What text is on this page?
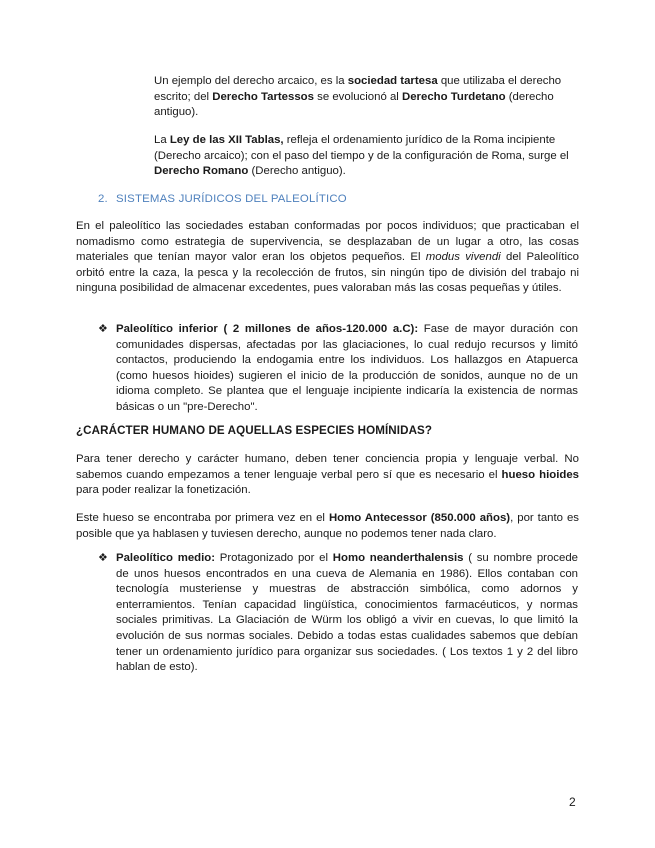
Un ejemplo del derecho arcaico, es la sociedad tartesa que utilizaba el derecho escrito; del Derecho Tartessos se evolucionó al Derecho Turdetano (derecho antiguo).

La Ley de las XII Tablas, refleja el ordenamiento jurídico de la Roma incipiente (Derecho arcaico); con el paso del tiempo y de la configuración de Roma, surge el Derecho Romano (Derecho antiguo).

2. SISTEMAS JURÍDICOS DEL PALEOLÍTICO

En el paleolítico las sociedades estaban conformadas por pocos individuos; que practicaban el nomadismo como estrategia de supervivencia, se desplazaban de un lugar a otro, las cosas materiales que tenían mayor valor eran los objetos pequeños. El modus vivendi del Paleolítico orbitó entre la caza, la pesca y la recolección de frutos, sin ningún tipo de división del trabajo ni ninguna posibilidad de almacenar excedentes, pues valoraban más las cosas pequeñas y útiles.

❖ Paleolítico inferior ( 2 millones de años-120.000 a.C): Fase de mayor duración con comunidades dispersas, afectadas por las glaciaciones, lo cual redujo recursos y limitó contactos, produciendo la endogamia entre los individuos. Los hallazgos en Atapuerca (como huesos hioides) sugieren el inicio de la producción de sonidos, aunque no de un idioma completo. Se plantea que el lenguaje incipiente indicaría la existencia de normas básicas o un "pre-Derecho".

¿CARÁCTER HUMANO DE AQUELLAS ESPECIES HOMÍNIDAS?

Para tener derecho y carácter humano, deben tener conciencia propia y lenguaje verbal. No sabemos cuando empezamos a tener lenguaje verbal pero sí que es necesario el hueso hioides para poder realizar la fonetización.

Este hueso se encontraba por primera vez en el Homo Antecessor (850.000 años), por tanto es posible que ya hablasen y tuviesen derecho, aunque no podemos tener nada claro.

❖ Paleolítico medio: Protagonizado por el Homo neanderthalensis ( su nombre procede de unos huesos encontrados en una cueva de Alemania en 1986). Ellos contaban con tecnología musteriense y muestras de abstracción simbólica, como adornos y enterramientos. Tenían capacidad lingüística, conocimientos farmacéuticos, y normas sociales primitivas. La Glaciación de Würm los obligó a vivir en cuevas, lo que limitó la evolución de sus normas sociales. Debido a todas estas cualidades sabemos que debían tener un ordenamiento jurídico para organizar sus sociedades. ( Los textos 1 y 2 del libro hablan de esto).

2
